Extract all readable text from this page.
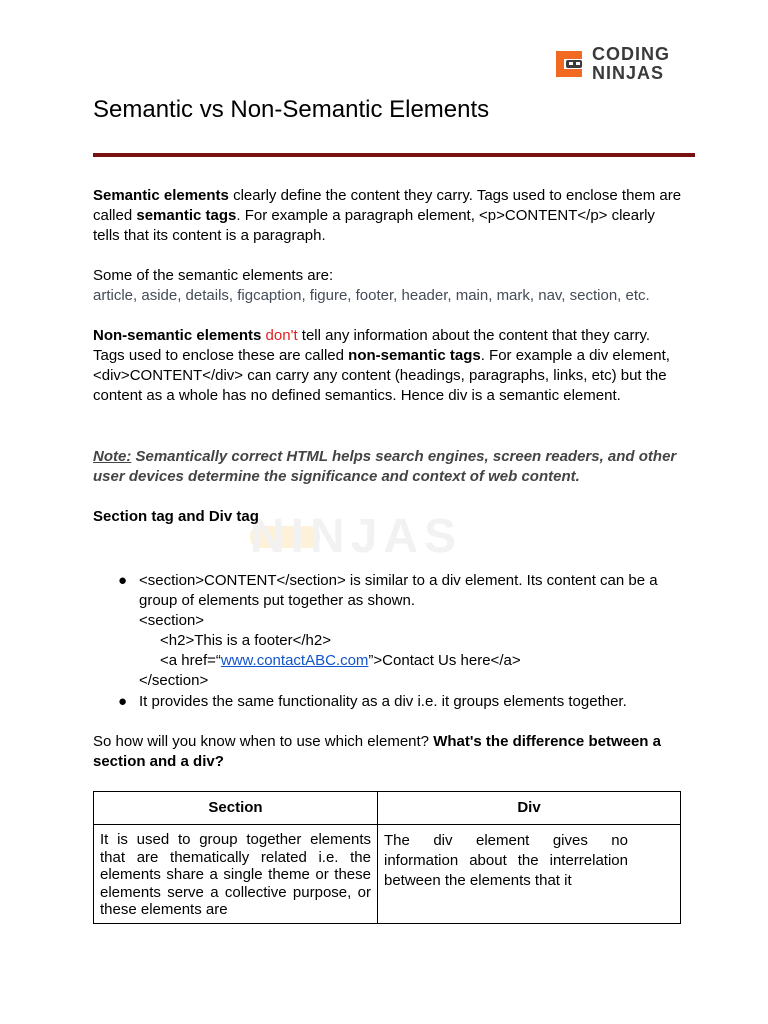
CODING
NINJAS
Semantic vs Non-Semantic Elements
NINJAS

Semantic elements clearly define the content they carry. Tags used to enclose them are called semantic tags. For example a paragraph element, <p>CONTENT</p> clearly tells that its content is a paragraph.

Some of the semantic elements are:
article, aside, details, figcaption, figure, footer, header, main, mark, nav, section, etc.

Non-semantic elements don't tell any information about the content that they carry. Tags used to enclose these are called non-semantic tags. For example a div element, <div>CONTENT</div> can carry any content (headings, paragraphs, links, etc) but the content as a whole has no defined semantics. Hence div is a semantic element.

Note: Semantically correct HTML helps search engines, screen readers, and other user devices determine the significance and context of web content.

Section tag and Div tag

● <section>CONTENT</section> is similar to a div element. Its content can be a group of elements put together as shown.
<section>
<h2>This is a footer</h2>
<a href=“www.contactABC.com”>Contact Us here</a>
</section>
● It provides the same functionality as a div i.e. it groups elements together.

So how will you know when to use which element? What's the difference between a section and a div?

Section	Div

It is used to group together elements that are thematically related i.e. the elements share a single theme or these elements serve a collective purpose, or these elements are	The div element gives no information about the interrelation between the elements that it
